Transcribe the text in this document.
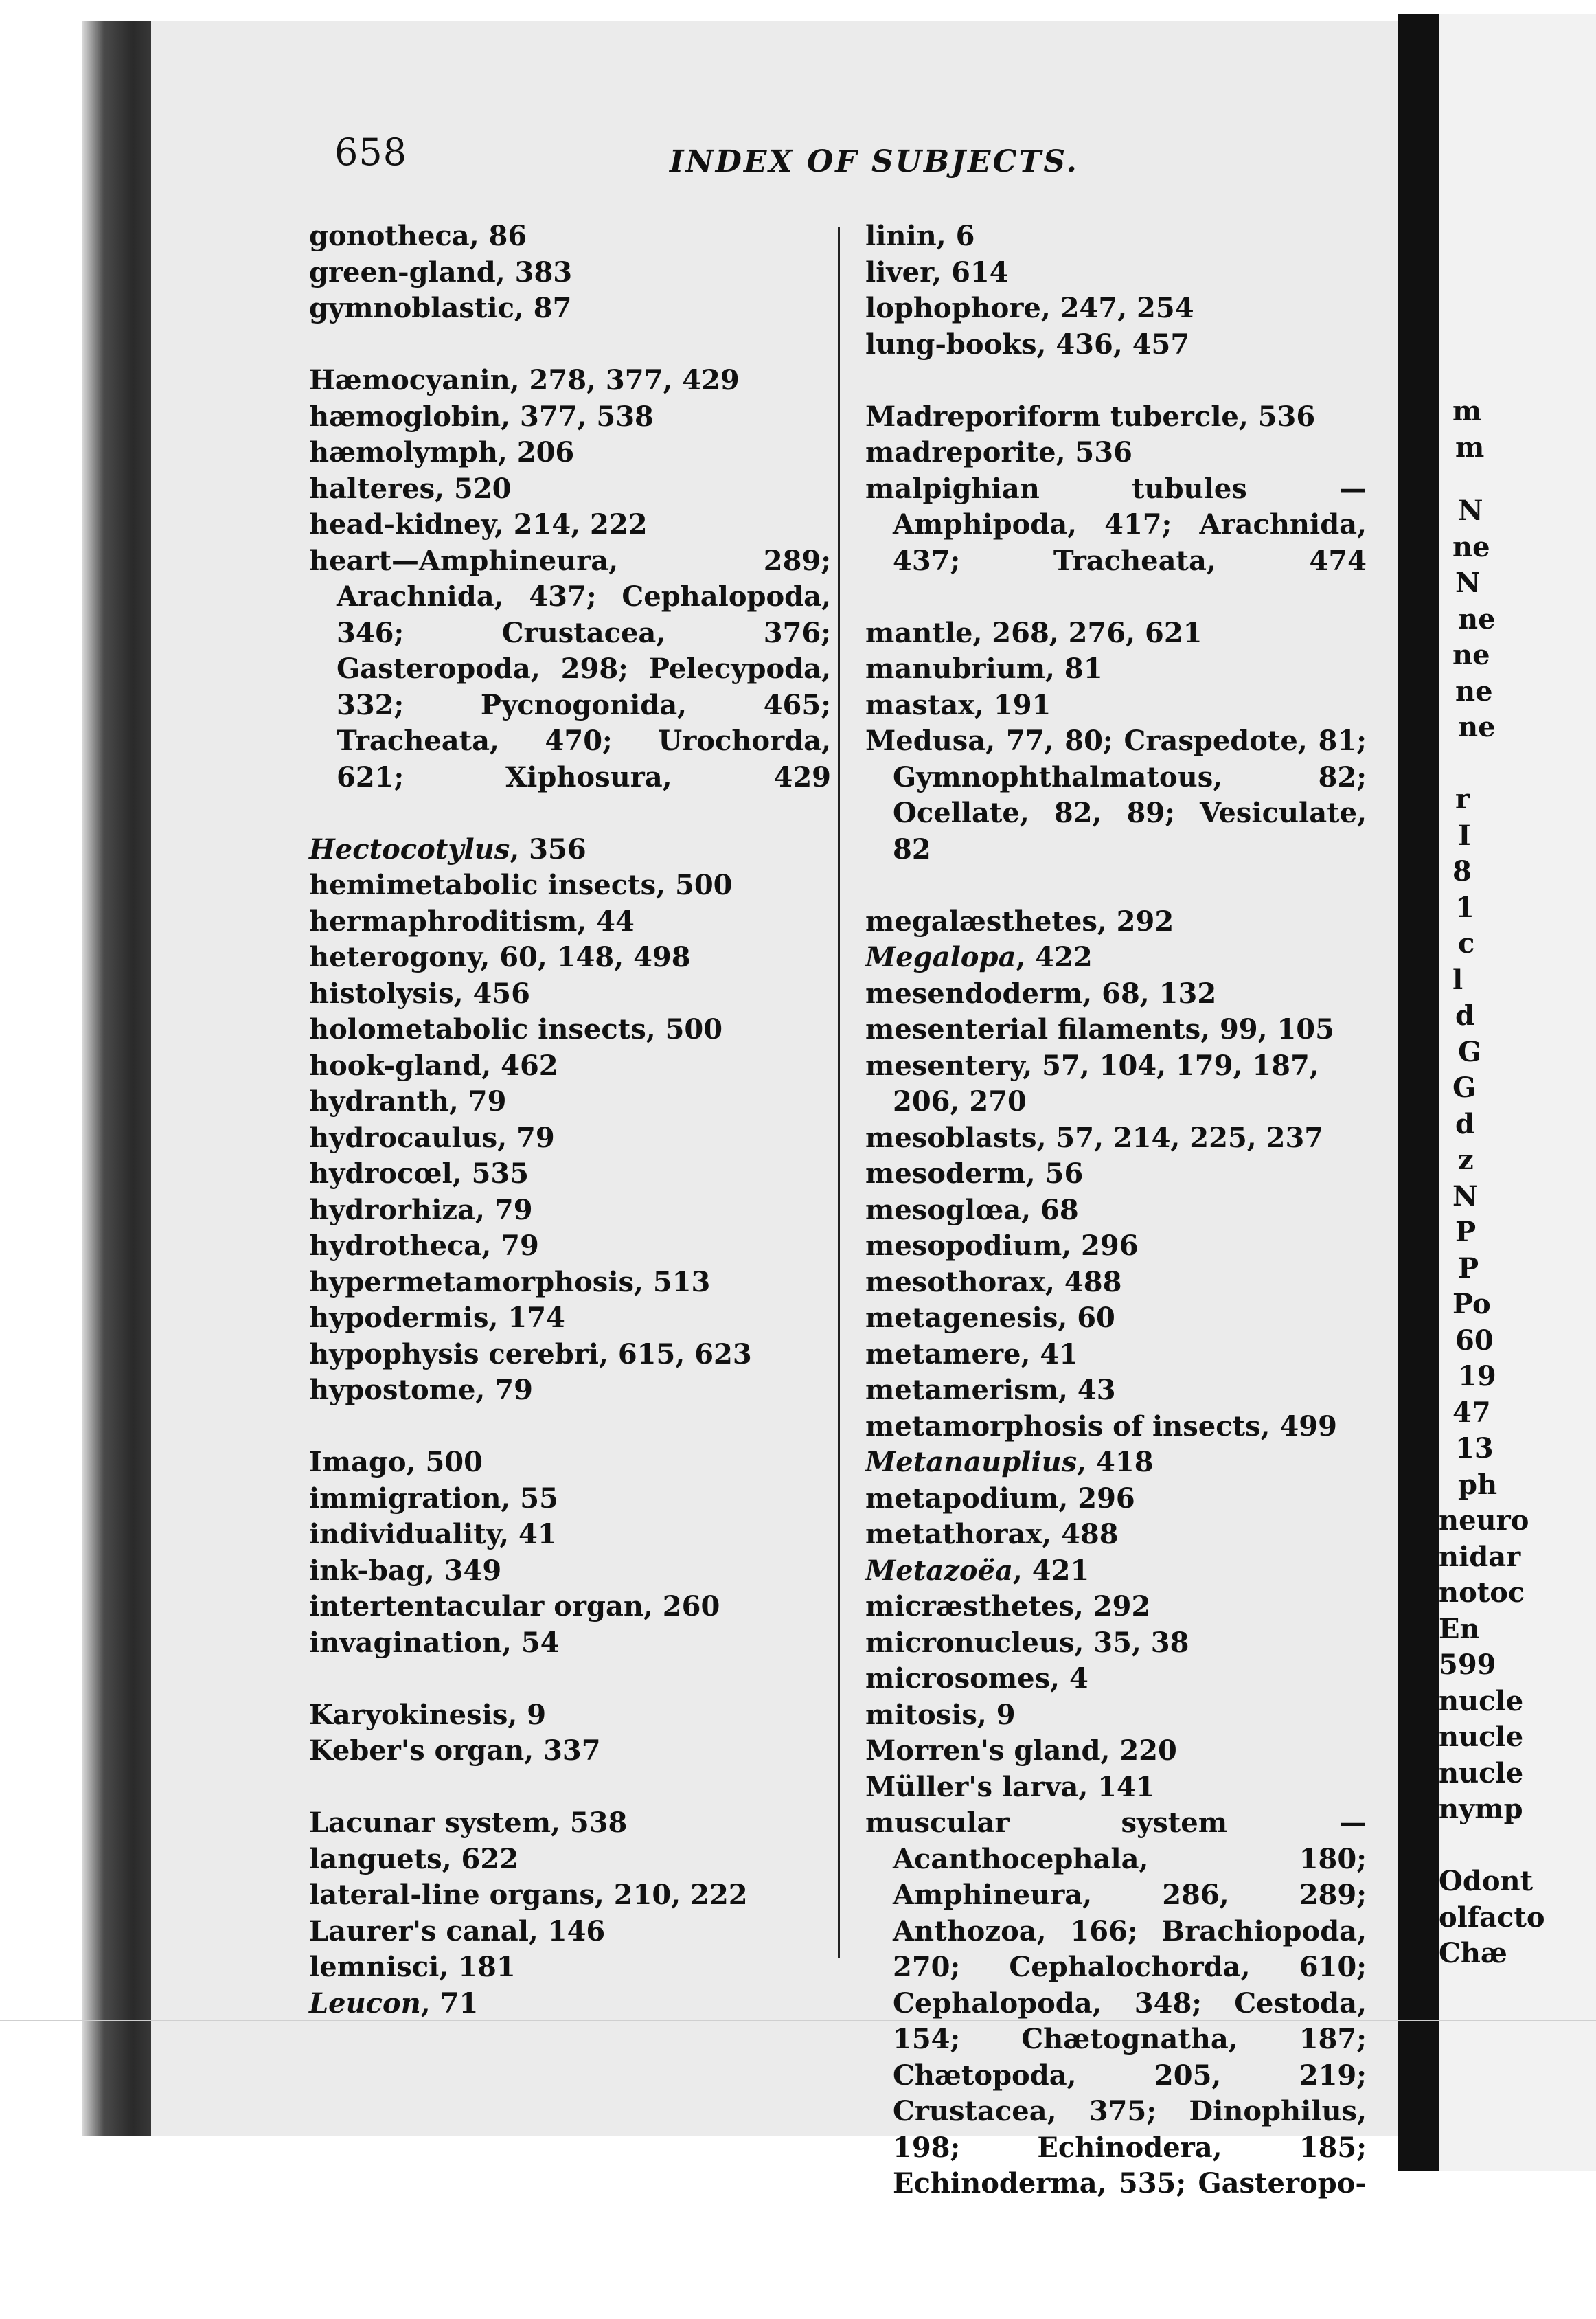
m
m
N
ne
N
ne
ne
ne
ne
r
I
8
1
c
l
d
G
G
d
z
N
P
P
Po
60
19
47
13
ph
neuro
nidar
notoc
En
599
nucle
nucle
nucle
nymp
Odont
olfacto
Chæ
658	INDEX OF SUBJECTS.
gonotheca, 86
green-gland, 383
gymnoblastic, 87
Hæmocyanin, 278, 377, 429
hæmoglobin, 377, 538
hæmolymph, 206
halteres, 520
head-kidney, 214, 222
heart—Amphineura, 289; Arachnida, 437; Cephalopoda, 346; Crustacea, 376; Gasteropoda, 298; Pelecypoda, 332; Pycnogonida, 465; Tracheata, 470; Urochorda, 621; Xiphosura, 429
Hectocotylus, 356
hemimetabolic insects, 500
hermaphroditism, 44
heterogony, 60, 148, 498
histolysis, 456
holometabolic insects, 500
hook-gland, 462
hydranth, 79
hydrocaulus, 79
hydrocœl, 535
hydrorhiza, 79
hydrotheca, 79
hypermetamorphosis, 513
hypodermis, 174
hypophysis cerebri, 615, 623
hypostome, 79
Imago, 500
immigration, 55
individuality, 41
ink-bag, 349
intertentacular organ, 260
invagination, 54
Karyokinesis, 9
Keber's organ, 337
Lacunar system, 538
languets, 622
lateral-line organs, 210, 222
Laurer's canal, 146
lemnisci, 181
Leucon, 71
linin, 6
liver, 614
lophophore, 247, 254
lung-books, 436, 457
Madreporiform tubercle, 536
madreporite, 536
malpighian tubules — Amphipoda, 417; Arachnida, 437; Tracheata, 474
mantle, 268, 276, 621
manubrium, 81
mastax, 191
Medusa, 77, 80; Craspedote, 81; Gymnophthalmatous, 82; Ocellate, 82, 89; Vesiculate, 82
megalæsthetes, 292
Megalopa, 422
mesendoderm, 68, 132
mesenterial filaments, 99, 105
mesentery, 57, 104, 179, 187, 206, 270
mesoblasts, 57, 214, 225, 237
mesoderm, 56
mesoglœa, 68
mesopodium, 296
mesothorax, 488
metagenesis, 60
metamere, 41
metamerism, 43
metamorphosis of insects, 499
Metanauplius, 418
metapodium, 296
metathorax, 488
Metazoëa, 421
micræsthetes, 292
micronucleus, 35, 38
microsomes, 4
mitosis, 9
Morren's gland, 220
Müller's larva, 141
muscular system — Acanthocephala, 180; Amphineura, 286, 289; Anthozoa, 166; Brachiopoda, 270; Cephalochorda, 610; Cephalopoda, 348; Cestoda, 154; Chætognatha, 187; Chætopoda, 205, 219; Crustacea, 375; Dinophilus, 198; Echinodera, 185; Echinoderma, 535; Gasteropo-
